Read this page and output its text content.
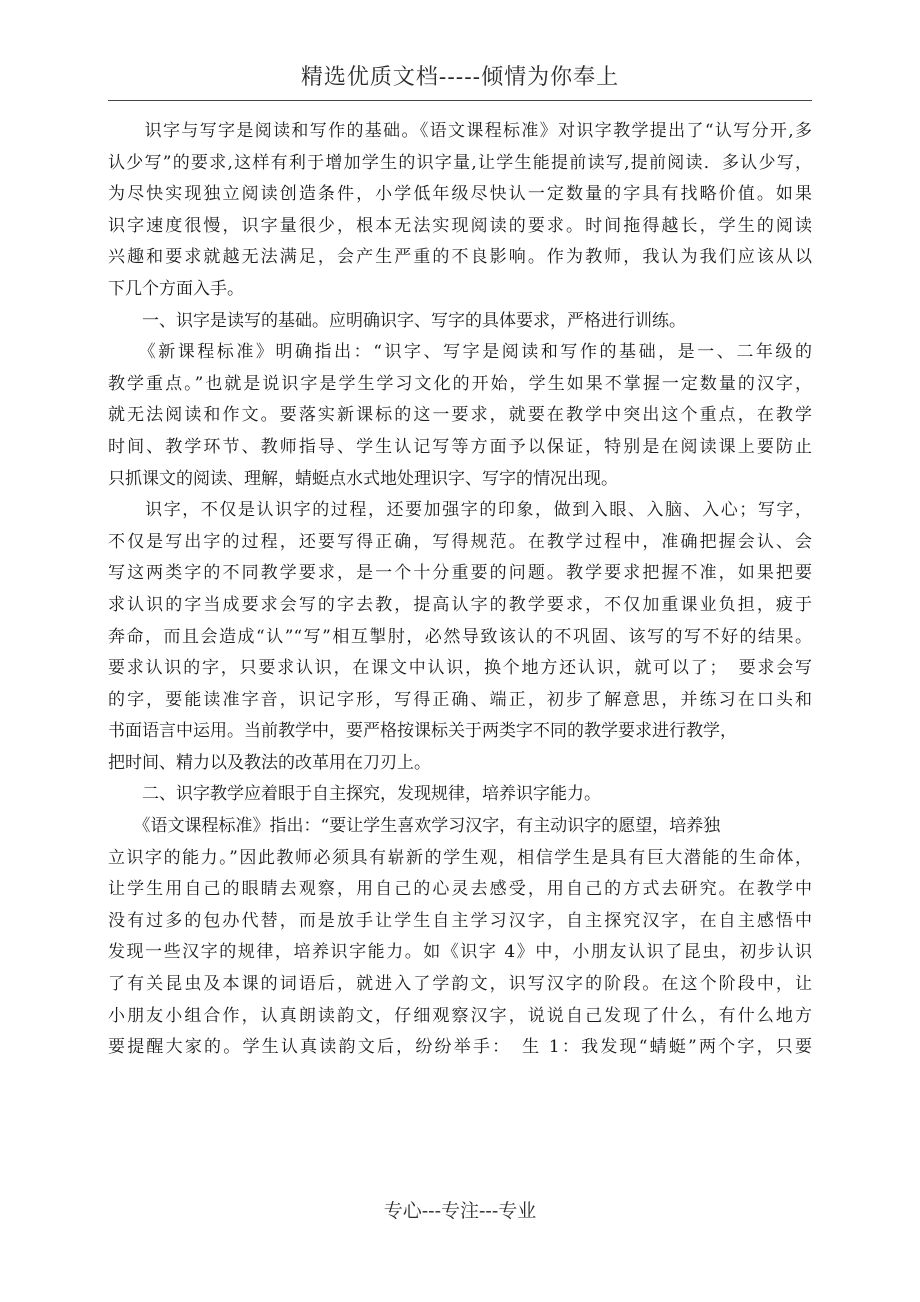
精选优质文档-----倾情为你奉上
　　识字与写字是阅读和写作的基础。《语文课程标准》对识字教学提出了“认写分开,多
认少写”的要求,这样有利于增加学生的识字量,让学生能提前读写,提前阅读．多认少写，
为尽快实现独立阅读创造条件，小学低年级尽快认一定数量的字具有找略价值。如果
识字速度很慢，识字量很少，根本无法实现阅读的要求。时间拖得越长，学生的阅读
兴趣和要求就越无法满足，会产生严重的不良影响。作为教师，我认为我们应该从以
下几个方面入手。
　　一、识字是读写的基础。应明确识字、写字的具体要求，严格进行训练。
　　《新课程标准》明确指出：“识字、写字是阅读和写作的基础，是一、二年级的
教学重点。”也就是说识字是学生学习文化的开始，学生如果不掌握一定数量的汉字，
就无法阅读和作文。要落实新课标的这一要求，就要在教学中突出这个重点，在教学
时间、教学环节、教师指导、学生认记写等方面予以保证，特别是在阅读课上要防止
只抓课文的阅读、理解，蜻蜓点水式地处理识字、写字的情况出现。
　　识字，不仅是认识字的过程，还要加强字的印象，做到入眼、入脑、入心；写字，
不仅是写出字的过程，还要写得正确，写得规范。在教学过程中，准确把握会认、会
写这两类字的不同教学要求，是一个十分重要的问题。教学要求把握不准，如果把要
求认识的字当成要求会写的字去教，提高认字的教学要求，不仅加重课业负担，疲于
奔命，而且会造成“认”“写”相互掣肘，必然导致该认的不巩固、该写的写不好的结果。
要求认识的字，只要求认识，在课文中认识，换个地方还认识，就可以了；　要求会写
的字，要能读准字音，识记字形，写得正确、端正，初步了解意思，并练习在口头和
书面语言中运用。当前教学中，要严格按课标关于两类字不同的教学要求进行教学，
把时间、精力以及教法的改革用在刀刃上。
　　二、识字教学应着眼于自主探究，发现规律，培养识字能力。
　　《语文课程标准》指出：“要让学生喜欢学习汉字，有主动识字的愿望，培养独
立识字的能力。”因此教师必须具有崭新的学生观，相信学生是具有巨大潜能的生命体，
让学生用自己的眼睛去观察，用自己的心灵去感受，用自己的方式去研究。在教学中
没有过多的包办代替，而是放手让学生自主学习汉字，自主探究汉字，在自主感悟中
发现一些汉字的规律，培养识字能力。如《识字 4》中，小朋友认识了昆虫，初步认识
了有关昆虫及本课的词语后，就进入了学韵文，识写汉字的阶段。在这个阶段中，让
小朋友小组合作，认真朗读韵文，仔细观察汉字，说说自己发现了什么，有什么地方
要提醒大家的。学生认真读韵文后，纷纷举手：　生 1：我发现“蜻蜓”两个字，只要
专心---专注---专业
